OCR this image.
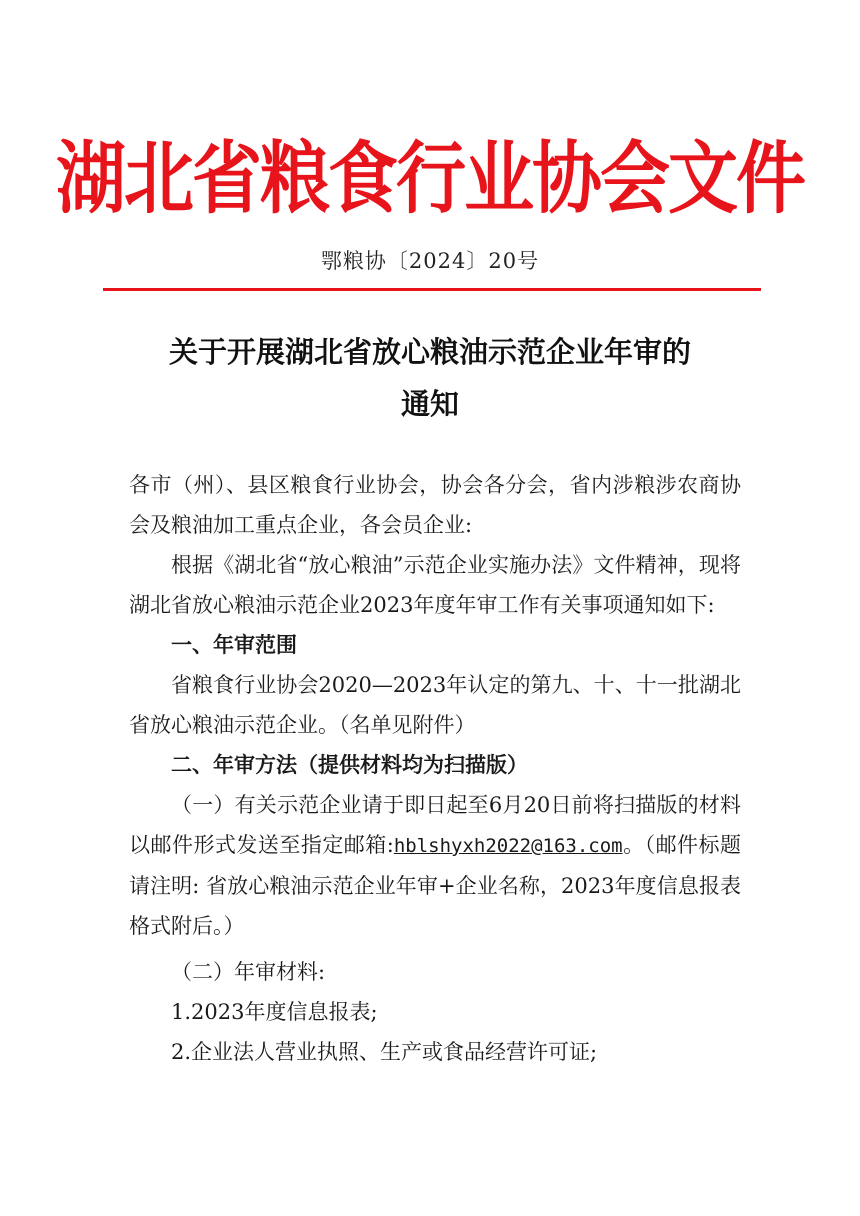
湖北省粮食行业协会文件
鄂粮协〔2024〕20号
关于开展湖北省放心粮油示范企业年审的
通知

各市（州）、县区粮食行业协会，协会各分会，省内涉粮涉农商协会及粮油加工重点企业，各会员企业:

根据《湖北省“放心粮油”示范企业实施办法》文件精神，现将湖北省放心粮油示范企业2023年度年审工作有关事项通知如下:

一、年审范围

省粮食行业协会2020—2023年认定的第九、十、十一批湖北省放心粮油示范企业。（名单见附件）

二、年审方法（提供材料均为扫描版）

（一）有关示范企业请于即日起至6月20日前将扫描版的材料以邮件形式发送至指定邮箱:hblshyxh2022@163.com。（邮件标题请注明: 省放心粮油示范企业年审+企业名称，2023年度信息报表格式附后。）

（二）年审材料:

1.2023年度信息报表;

2.企业法人营业执照、生产或食品经营许可证;
